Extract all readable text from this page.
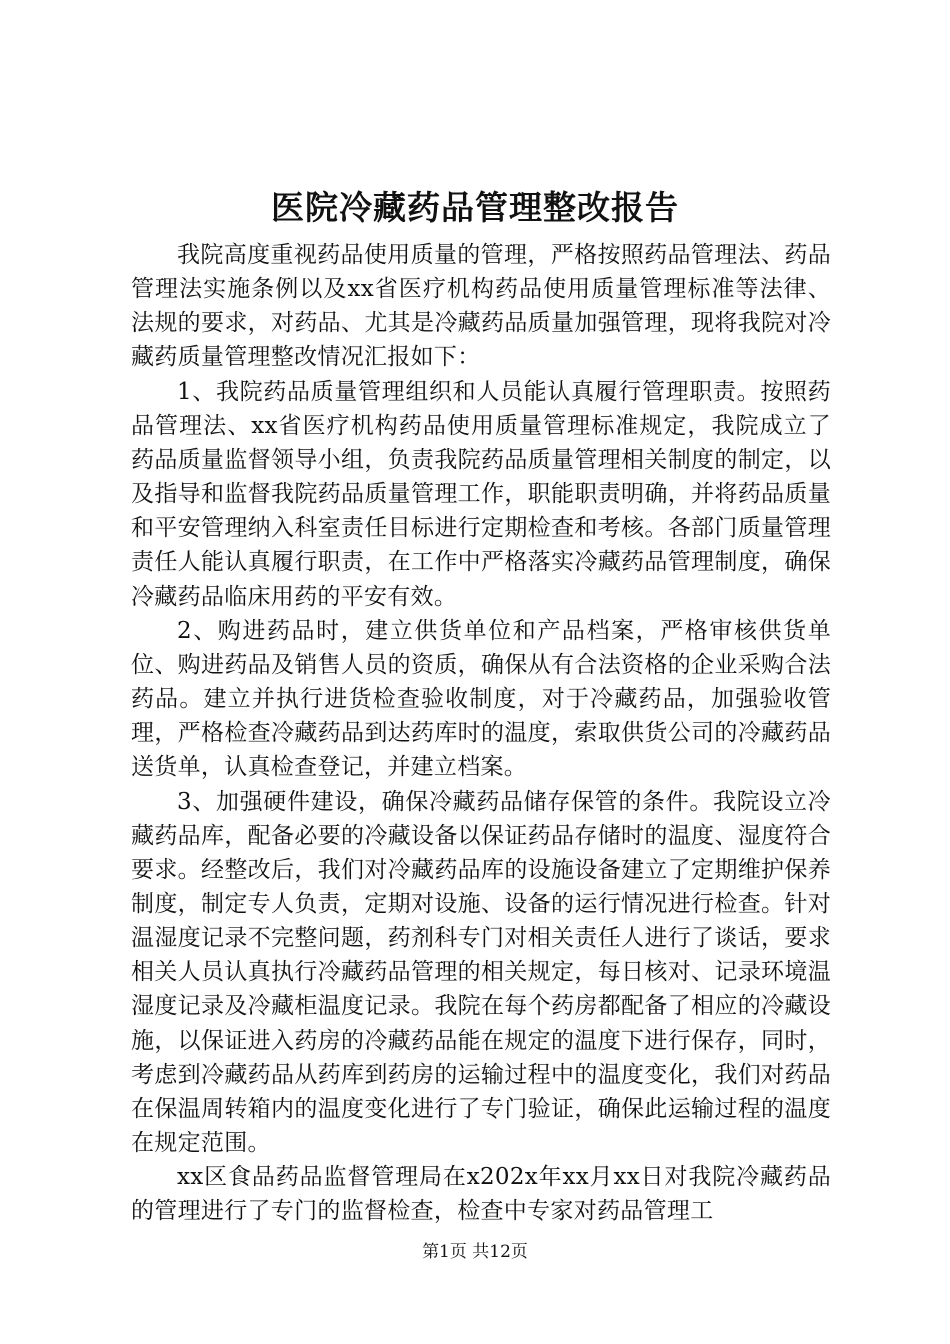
医院冷藏药品管理整改报告

我院高度重视药品使用质量的管理，严格按照药品管理法、药品管理法实施条例以及xx省医疗机构药品使用质量管理标准等法律、法规的要求，对药品、尤其是冷藏药品质量加强管理，现将我院对冷藏药质量管理整改情况汇报如下：

1、我院药品质量管理组织和人员能认真履行管理职责。按照药品管理法、xx省医疗机构药品使用质量管理标准规定，我院成立了药品质量监督领导小组，负责我院药品质量管理相关制度的制定，以及指导和监督我院药品质量管理工作，职能职责明确，并将药品质量和平安管理纳入科室责任目标进行定期检查和考核。各部门质量管理责任人能认真履行职责，在工作中严格落实冷藏药品管理制度，确保冷藏药品临床用药的平安有效。

2、购进药品时，建立供货单位和产品档案，严格审核供货单位、购进药品及销售人员的资质，确保从有合法资格的企业采购合法药品。建立并执行进货检查验收制度，对于冷藏药品，加强验收管理，严格检查冷藏药品到达药库时的温度，索取供货公司的冷藏药品送货单，认真检查登记，并建立档案。

3、加强硬件建设，确保冷藏药品储存保管的条件。我院设立冷藏药品库，配备必要的冷藏设备以保证药品存储时的温度、湿度符合要求。经整改后，我们对冷藏药品库的设施设备建立了定期维护保养制度，制定专人负责，定期对设施、设备的运行情况进行检查。针对温湿度记录不完整问题，药剂科专门对相关责任人进行了谈话，要求相关人员认真执行冷藏药品管理的相关规定，每日核对、记录环境温湿度记录及冷藏柜温度记录。我院在每个药房都配备了相应的冷藏设施，以保证进入药房的冷藏药品能在规定的温度下进行保存，同时，考虑到冷藏药品从药库到药房的运输过程中的温度变化，我们对药品在保温周转箱内的温度变化进行了专门验证，确保此运输过程的温度在规定范围。

xx区食品药品监督管理局在x202x年xx月xx日对我院冷藏药品的管理进行了专门的监督检查，检查中专家对药品管理工

第1页 共12页
